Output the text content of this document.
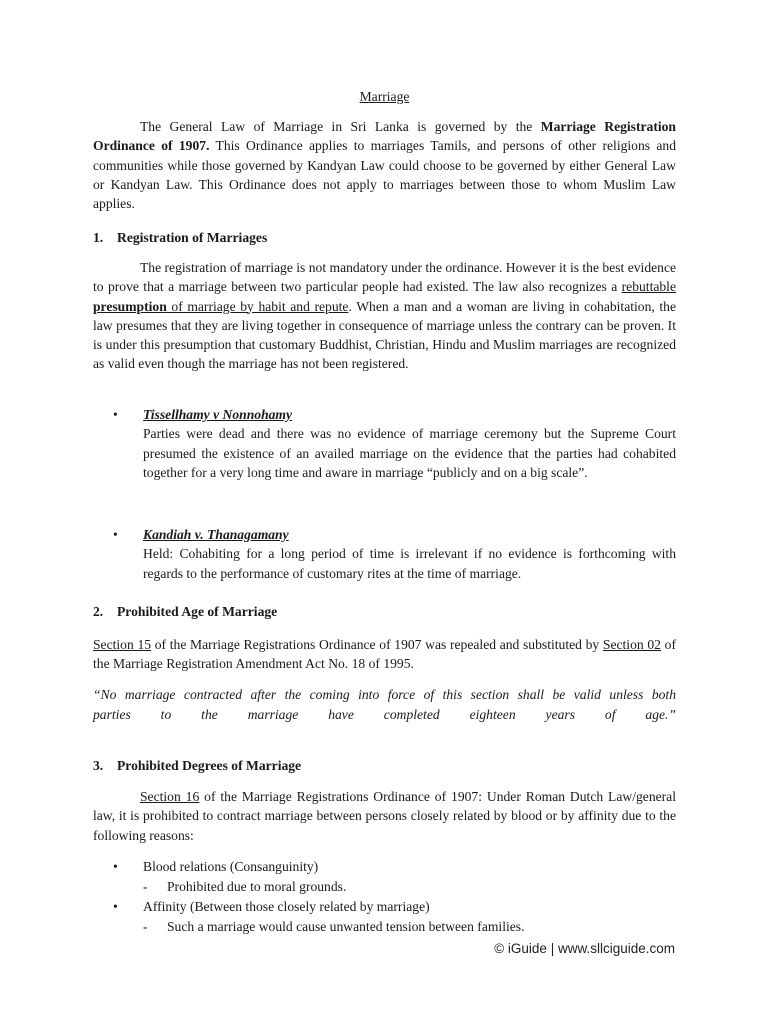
Marriage

The General Law of Marriage in Sri Lanka is governed by the Marriage Registration Ordinance of 1907. This Ordinance applies to marriages Tamils, and persons of other religions and communities while those governed by Kandyan Law could choose to be governed by either General Law or Kandyan Law. This Ordinance does not apply to marriages between those to whom Muslim Law applies.

1. Registration of Marriages

The registration of marriage is not mandatory under the ordinance. However it is the best evidence to prove that a marriage between two particular people had existed. The law also recognizes a rebuttable presumption of marriage by habit and repute. When a man and a woman are living in cohabitation, the law presumes that they are living together in consequence of marriage unless the contrary can be proven. It is under this presumption that customary Buddhist, Christian, Hindu and Muslim marriages are recognized as valid even though the marriage has not been registered.

• Tissellhamy v Nonnohamy
Parties were dead and there was no evidence of marriage ceremony but the Supreme Court presumed the existence of an availed marriage on the evidence that the parties had cohabited together for a very long time and aware in marriage “publicly and on a big scale”.
• Kandiah v. Thanagamany
Held: Cohabiting for a long period of time is irrelevant if no evidence is forthcoming with regards to the performance of customary rites at the time of marriage.

2. Prohibited Age of Marriage

Section 15 of the Marriage Registrations Ordinance of 1907 was repealed and substituted by Section 02 of the Marriage Registration Amendment Act No. 18 of 1995.

“No marriage contracted after the coming into force of this section shall be valid unless both
parties to the marriage have completed eighteen years of age.”

3. Prohibited Degrees of Marriage

Section 16 of the Marriage Registrations Ordinance of 1907: Under Roman Dutch Law/general law, it is prohibited to contract marriage between persons closely related by blood or by affinity due to the following reasons:

• Blood relations (Consanguinity)
- Prohibited due to moral grounds.
• Affinity (Between those closely related by marriage)
- Such a marriage would cause unwanted tension between families.
© iGuide | www.sllciguide.com
